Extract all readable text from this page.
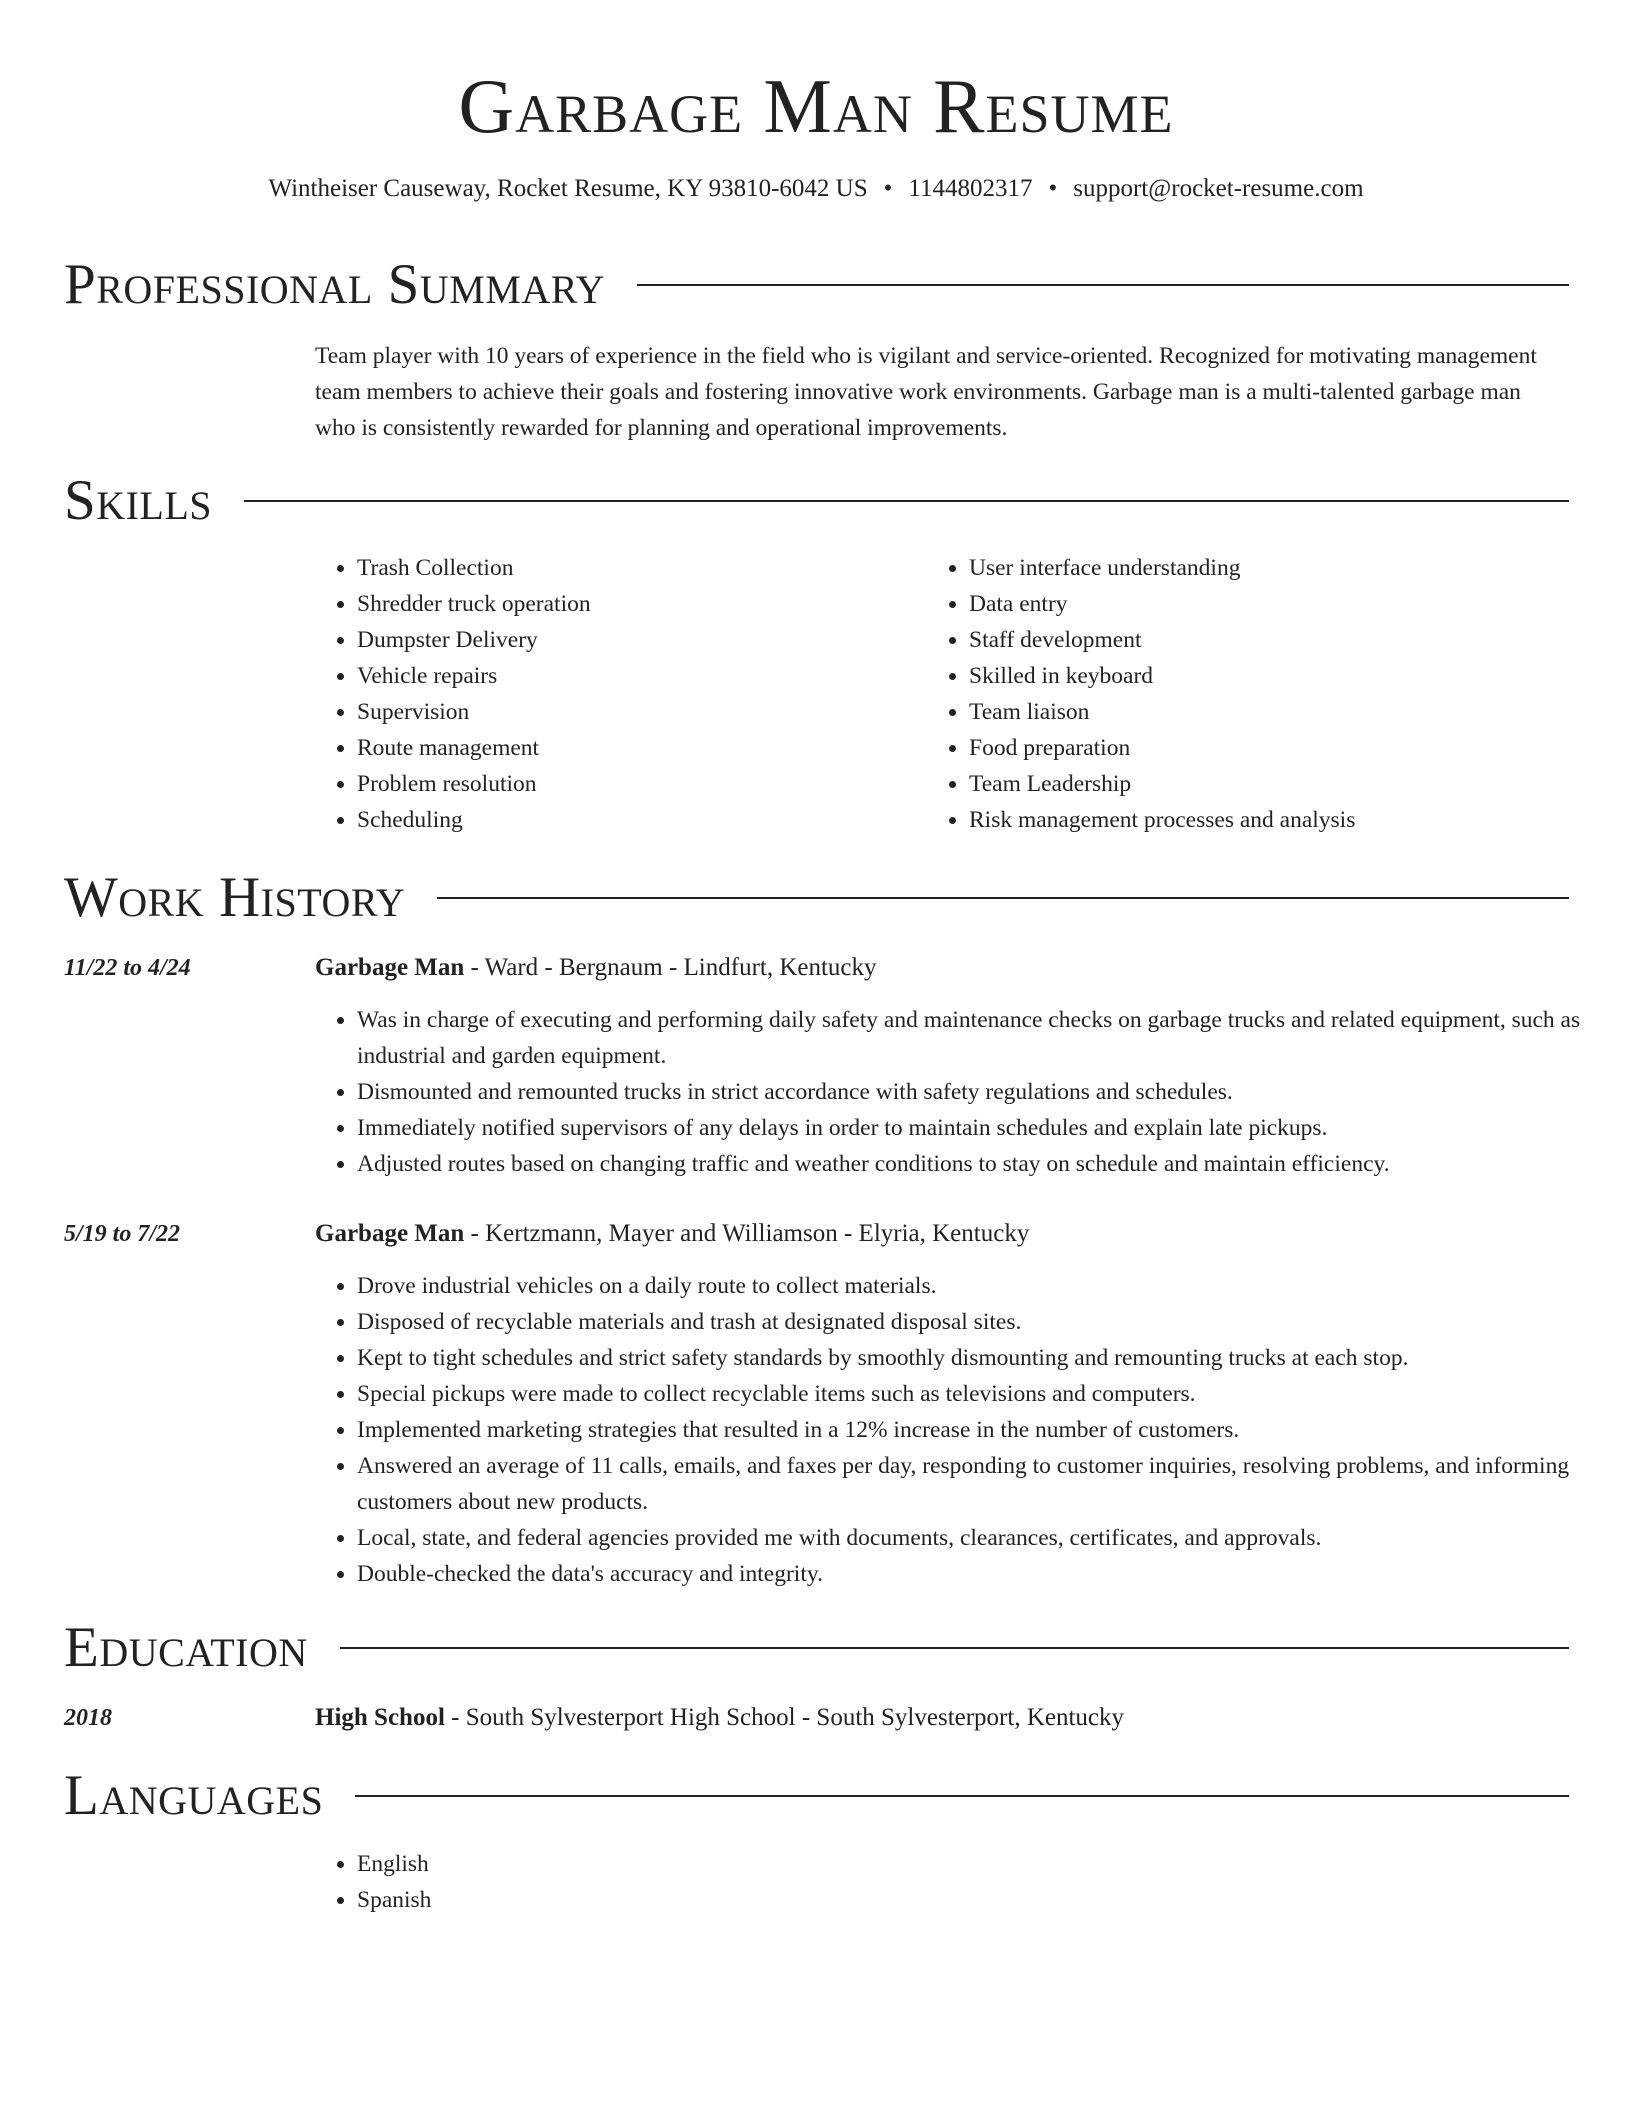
Garbage Man Resume
Wintheiser Causeway, Rocket Resume, KY 93810-6042 US • 1144802317 • support@rocket-resume.com
Professional Summary

Team player with 10 years of experience in the field who is vigilant and service-oriented. Recognized for motivating management team members to achieve their goals and fostering innovative work environments. Garbage man is a multi-talented garbage man who is consistently rewarded for planning and operational improvements.

Skills
• Trash Collection
• Shredder truck operation
• Dumpster Delivery
• Vehicle repairs
• Supervision
• Route management
• Problem resolution
• Scheduling
• User interface understanding
• Data entry
• Staff development
• Skilled in keyboard
• Team liaison
• Food preparation
• Team Leadership
• Risk management processes and analysis
Work History
11/22 to 4/24	Garbage Man - Ward - Bergnaum - Lindfurt, Kentucky
• Was in charge of executing and performing daily safety and maintenance checks on garbage trucks and related equipment, such as industrial and garden equipment.
• Dismounted and remounted trucks in strict accordance with safety regulations and schedules.
• Immediately notified supervisors of any delays in order to maintain schedules and explain late pickups.
• Adjusted routes based on changing traffic and weather conditions to stay on schedule and maintain efficiency.
5/19 to 7/22	Garbage Man - Kertzmann, Mayer and Williamson - Elyria, Kentucky
• Drove industrial vehicles on a daily route to collect materials.
• Disposed of recyclable materials and trash at designated disposal sites.
• Kept to tight schedules and strict safety standards by smoothly dismounting and remounting trucks at each stop.
• Special pickups were made to collect recyclable items such as televisions and computers.
• Implemented marketing strategies that resulted in a 12% increase in the number of customers.
• Answered an average of 11 calls, emails, and faxes per day, responding to customer inquiries, resolving problems, and informing customers about new products.
• Local, state, and federal agencies provided me with documents, clearances, certificates, and approvals.
• Double-checked the data's accuracy and integrity.
Education
2018	High School - South Sylvesterport High School - South Sylvesterport, Kentucky
Languages
• English
• Spanish
